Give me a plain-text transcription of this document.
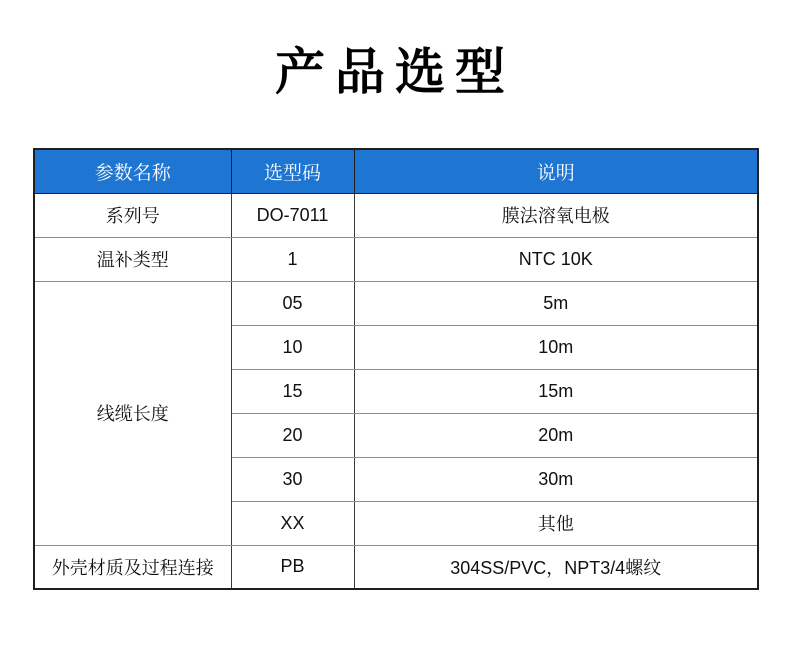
产品选型
参数名称	选型码	说明
系列号	DO-7011	膜法溶氧电极
温补类型	1	NTC 10K
线缆长度	05	5m
	10	10m
	15	15m
	20	20m
	30	30m
	XX	其他
外壳材质及过程连接	PB	304SS/PVC，NPT3/4螺纹
